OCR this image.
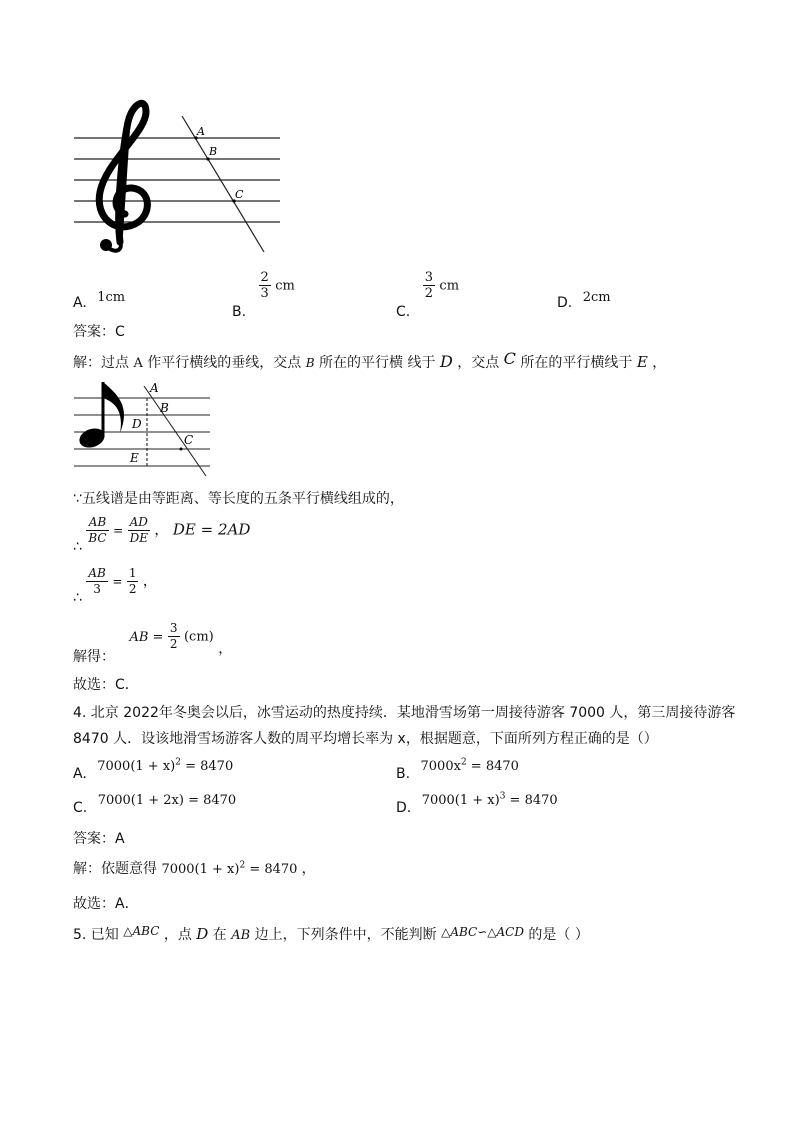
A
B
C
A. 1cm
B.
$\frac{2}{3}$ cm
C.
$\frac{3}{2}$ cm
D. 2cm
答案：C
解：过点 A 作平行横线的垂线，交点 B 所在的平行横 线于 D ，交点 C 所在的平行横线于 E ，
A
B
D
C
E
∵五线谱是由等距离、等长度的五条平行横线组成的，
∴
$\frac{AB}{BC} = \frac{AD}{DE}$ ， DE = 2AD
∴
$\frac{AB}{3} = \frac{1}{2}$ ，
解得： AB = $\frac{3}{2} (cm)$ ，
故选：C．
4. 北京 2022年冬奥会以后，冰雪运动的热度持续．某地滑雪场第一周接待游客 7000 人，第三周接待游客
8470 人．设该地滑雪场游客人数的周平均增长率为 x，根据题意，下面所列方程正确的是（）
A. $7000(1 + x)^2 = 8470$	B. $7000x^2 = 8470$
C. 7000(1 + 2x) = 8470	D. $7000(1 + x)^3 = 8470$
答案：A
解：依题意得 $7000(1 + x)^2 = 8470$ ，
故选：A．
5. 已知 △ABC ，点 D 在 AB 边上，下列条件中，不能判断 △ABC∽△ACD 的是（ ）
